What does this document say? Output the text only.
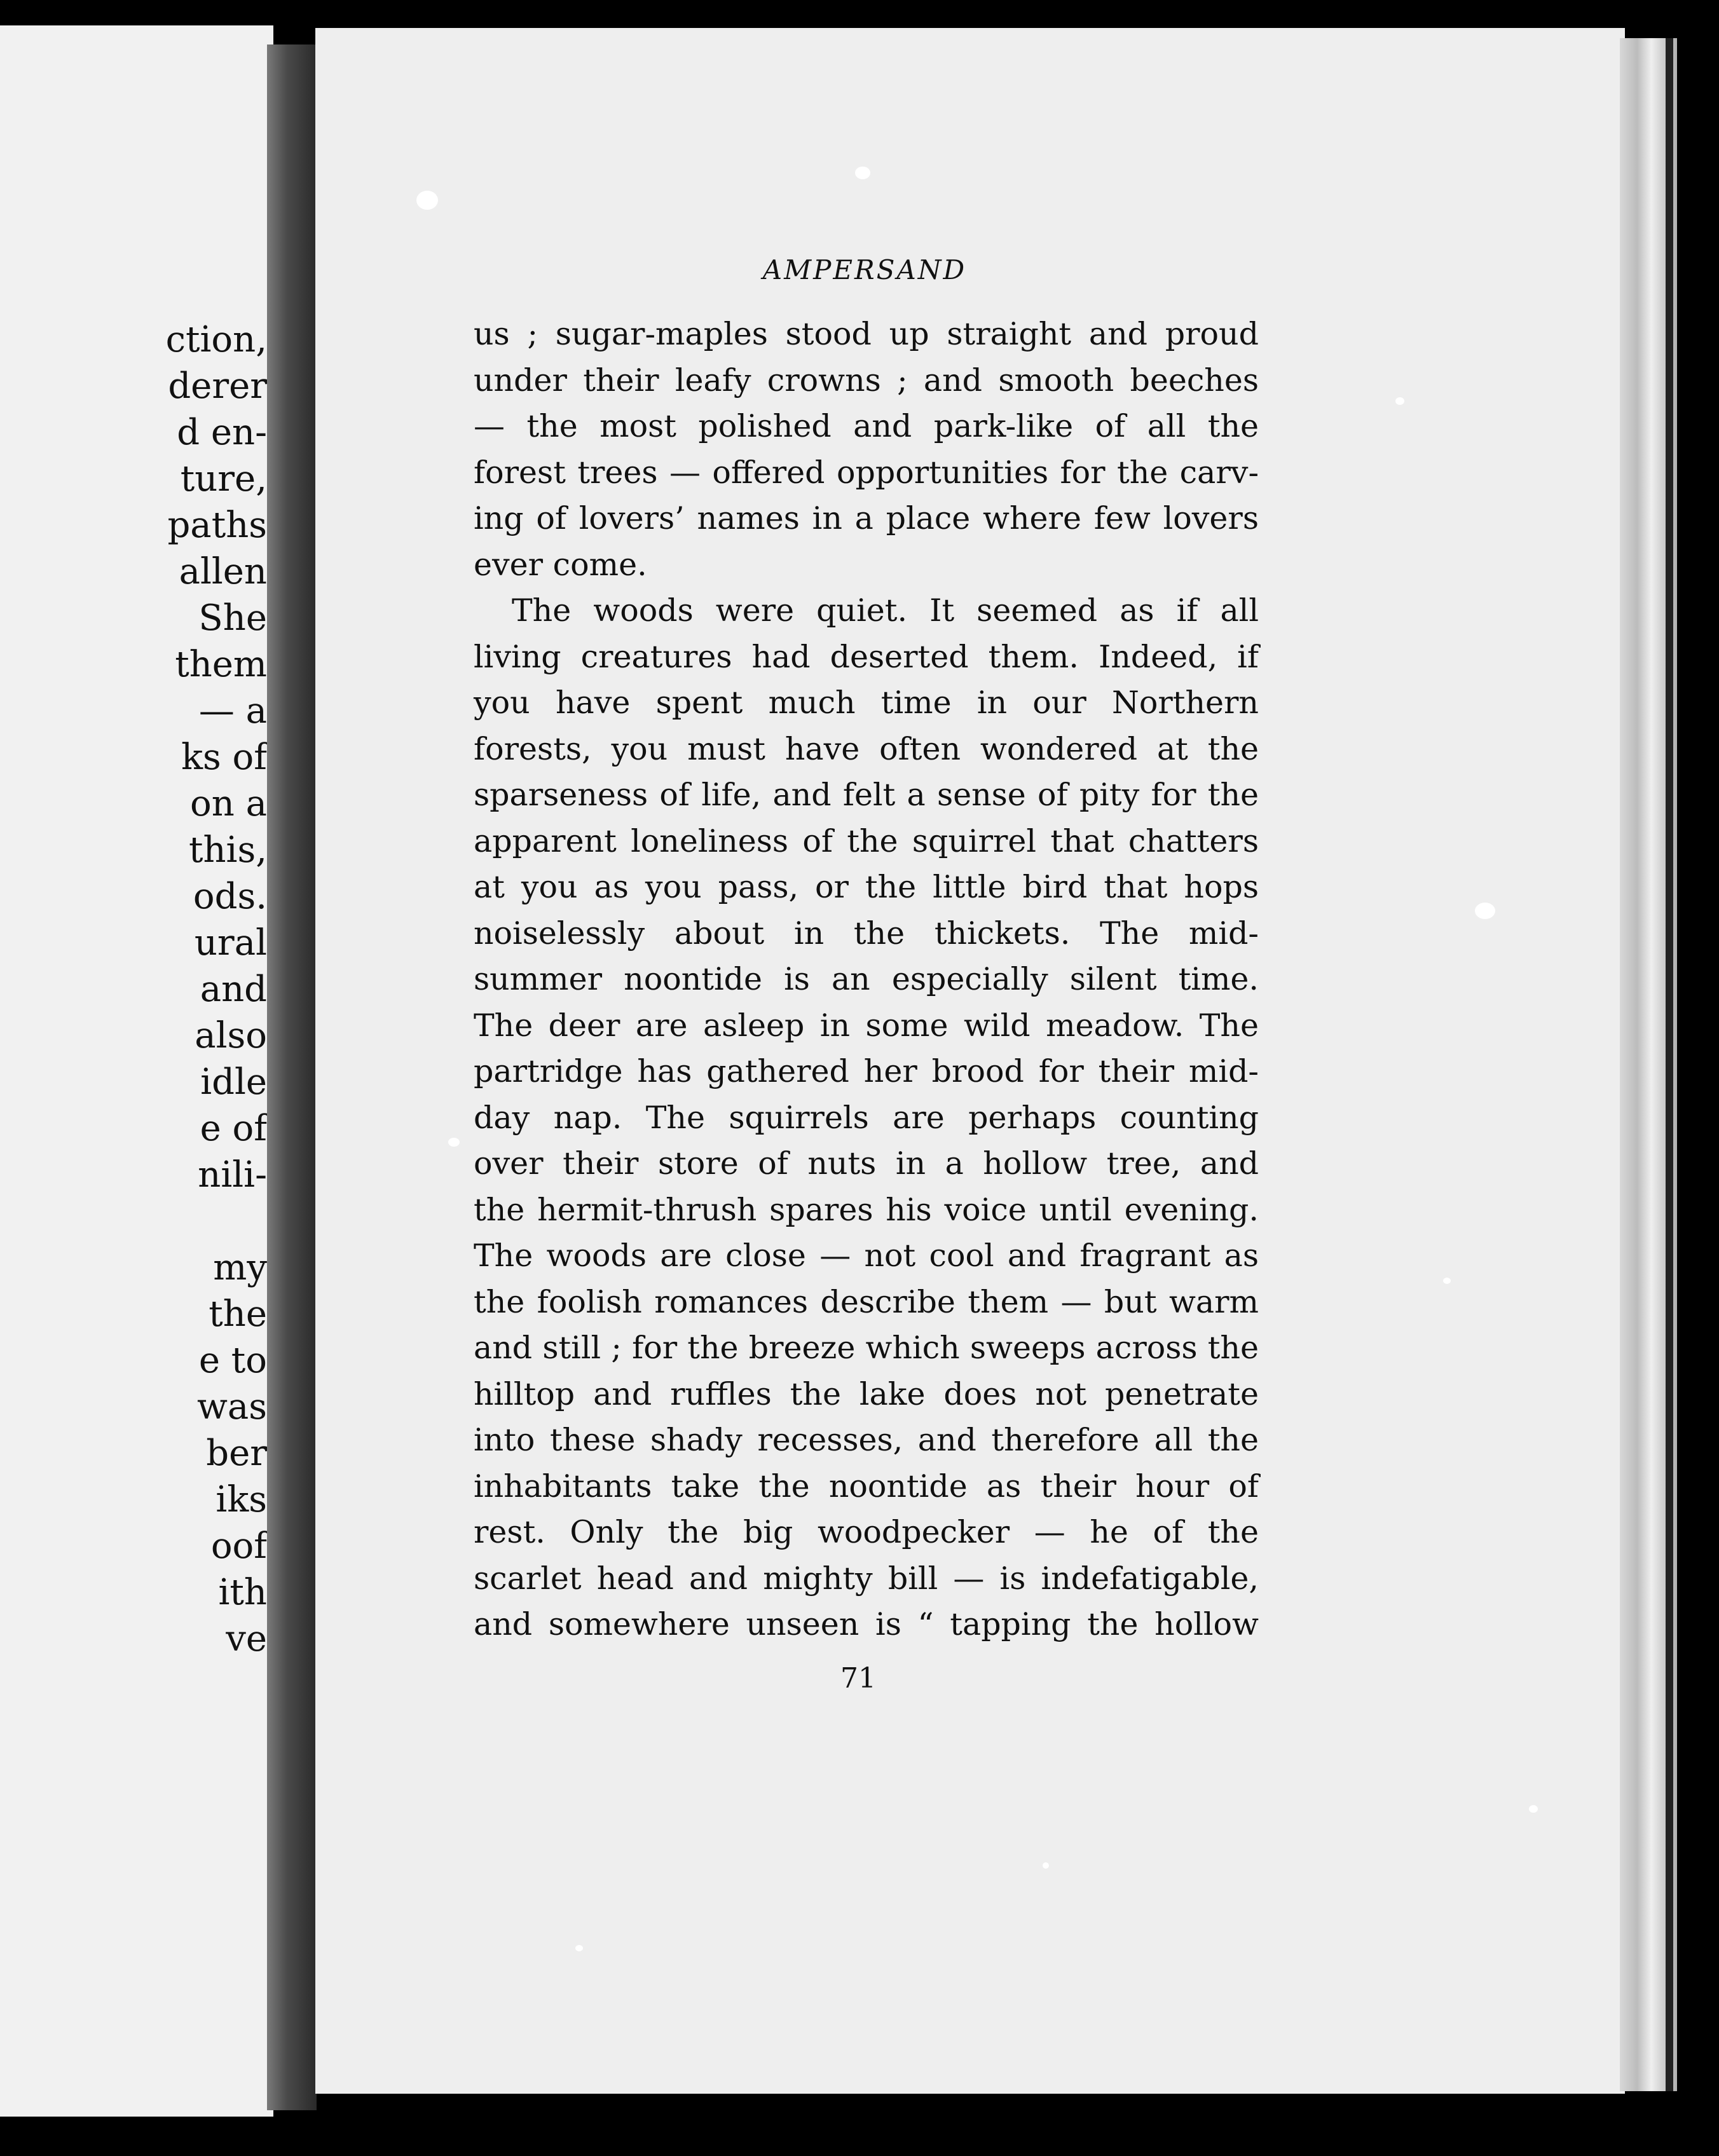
ction,
derer
d en-
ture,
paths
allen
She
them
— a
ks of
on a
this,
ods.
ural
and
also
idle
e of
nili-
my
the
e to
was
ber
iks
oof
ith
ve
AMPERSAND
us ; sugar-maples stood up straight and proud
under their leafy crowns ; and smooth beeches
— the most polished and park-like of all the
forest trees — offered opportunities for the carv-
ing of lovers’ names in a place where few lovers
ever come.
The woods were quiet. It seemed as if all
living creatures had deserted them. Indeed, if
you have spent much time in our Northern
forests, you must have often wondered at the
sparseness of life, and felt a sense of pity for the
apparent loneliness of the squirrel that chatters
at you as you pass, or the little bird that hops
noiselessly about in the thickets. The mid-
summer noontide is an especially silent time.
The deer are asleep in some wild meadow. The
partridge has gathered her brood for their mid-
day nap. The squirrels are perhaps counting
over their store of nuts in a hollow tree, and
the hermit-thrush spares his voice until evening.
The woods are close — not cool and fragrant as
the foolish romances describe them — but warm
and still ; for the breeze which sweeps across the
hilltop and ruffles the lake does not penetrate
into these shady recesses, and therefore all the
inhabitants take the noontide as their hour of
rest. Only the big woodpecker — he of the
scarlet head and mighty bill — is indefatigable,
and somewhere unseen is “ tapping the hollow
71
